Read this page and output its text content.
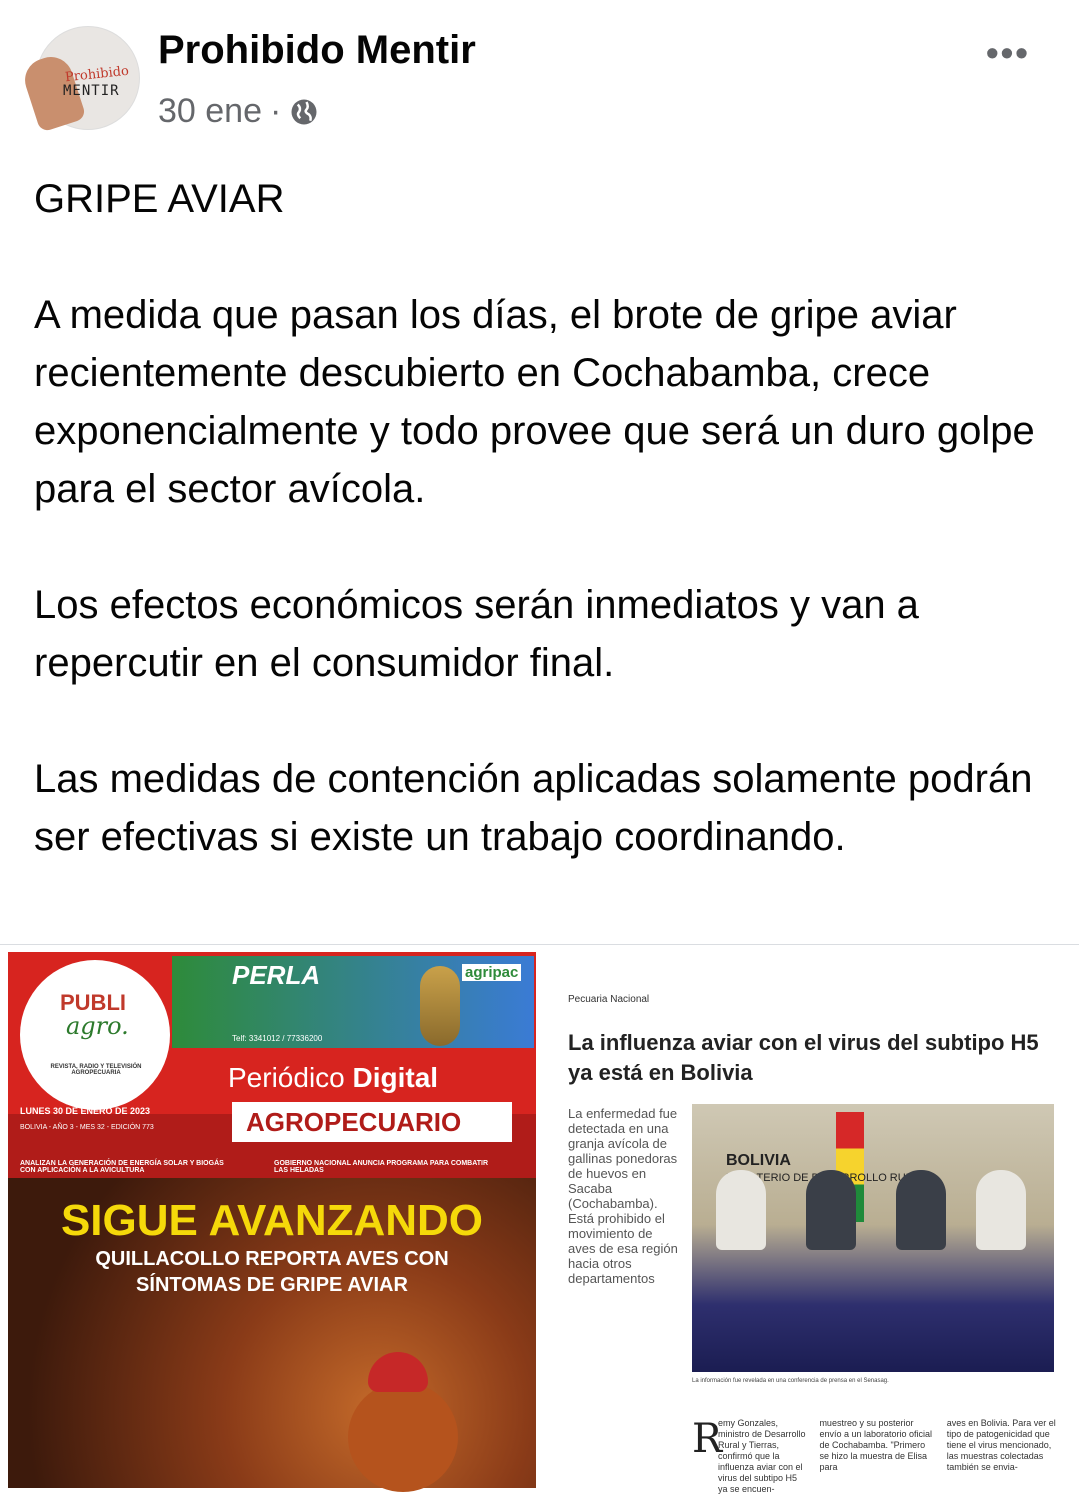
Prohibido
MENTIR
Prohibido Mentir
30 ene ·
•••

GRIPE AVIAR

A medida que pasan los días, el brote de gripe aviar recientemente descubierto en Cochabamba, crece exponencialmente y todo provee que será un duro golpe para el sector avícola.

Los efectos económicos serán inmediatos y van a repercutir en el consumidor final.

Las medidas de contención aplicadas solamente podrán ser efectivas si existe un trabajo coordinando.

PUBLI
agro.
REVISTA, RADIO Y TELEVISIÓN AGROPECUARIA
PERLA	agripac
Telf: 3341012 / 77336200
Periódico Digital
AGROPECUARIO
LUNES 30 DE ENERO DE 2023
BOLIVIA - AÑO 3 - MES 32 - EDICIÓN 773
ANALIZAN LA GENERACIÓN DE ENERGÍA SOLAR Y BIOGÁS CON APLICACIÓN A LA AVICULTURA
GOBIERNO NACIONAL ANUNCIA PROGRAMA PARA COMBATIR LAS HELADAS
SIGUE AVANZANDO
QUILLACOLLO REPORTA AVES CON
SÍNTOMAS DE GRIPE AVIAR
Pecuaria Nacional
La influenza aviar con el virus del subtipo H5 ya está en Bolivia
La enfermedad fue detectada en una granja avícola de gallinas ponedoras de huevos en Sacaba (Cochabamba). Está prohibido el movimiento de aves de esa región hacia otros departamentos
BOLIVIA
DE
La información fue revelada en una conferencia de prensa en el Senasag.
R
emy Gonzales, ministro de Desarrollo Rural y Tierras, confirmó que la influenza aviar con el virus del subtipo H5 ya se encuen-
muestreo y su posterior envío a un laboratorio oficial de Cochabamba. "Primero se hizo la muestra de Elisa para
aves en Bolivia. Para ver el tipo de patogenicidad que tiene el virus mencionado, las muestras colectadas también se envia-
